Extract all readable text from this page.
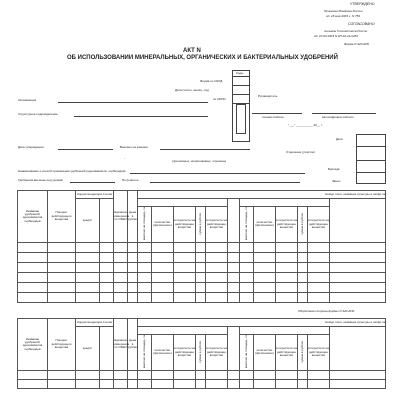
УТВЕРЖДЕНО
Приказом Минфина России
от 16 мая 2003 г. N 750
СОГЛАСОВАНО
письмом Госкомстата России
от 10.04.2003 N КП-01-21/1281
Форма N 420-АПК
АКТ N
ОБ ИСПОЛЬЗОВАНИИ МИНЕРАЛЬНЫХ, ОРГАНИЧЕСКИХ И БАКТЕРИАЛЬНЫХ УДОБРЕНИЙ
Коды
Форма по ОКУД
Дата (число, месяц, год)
по ОКПО
Организация
Структурное подразделение
Руководитель
личная подпись	расшифровка подписи
"___" __________ 20__ г.
Дата
Дата утверждения	Внесено на засеяно
Отделение (участок)
-
(прошеяных, неорошаемых, опушены)
Наименование и способ применения удобрений (ядохимикатов, гербицидов)	Бригада
Удобрения внесены под урожай	Получатель	Звено
Название удобрений, ядохимикатов гербицидов	Процент действующего вещества	Корреспонденция счетов		Единица измерения по ОКЕИ	Цена в рублях	Номер поля, название культуры и шифр ок											
		кредит															
						внесено на площадь, га	количество (физическое)	в пересчете на действующее вещество	сумма в рублях	в пересчете на действующее вещество		внесено на площадь, га	количество (физическое)	в пересчете на действующее вещество	сумма в рублях	в пересчете на действующее вещество	

Оборотная сторона формы N 420-АПК
Название удобрений, ядохимикатов гербицидов	Процент действующего вещества	Корреспонденция счетов		Единица измерения по ОКЕИ	Цена в рублях	Номер поля, название культуры и шифр ок											
		кредит															
						внесено на площадь, га	количество (физическое)	в пересчете на действующее вещество	сумма в рублях	в пересчете на действующее вещество		внесено на площадь, га	количество (физическое)	в пересчете на действующее вещество	сумма в рублях	в пересчете на действующее вещество	
